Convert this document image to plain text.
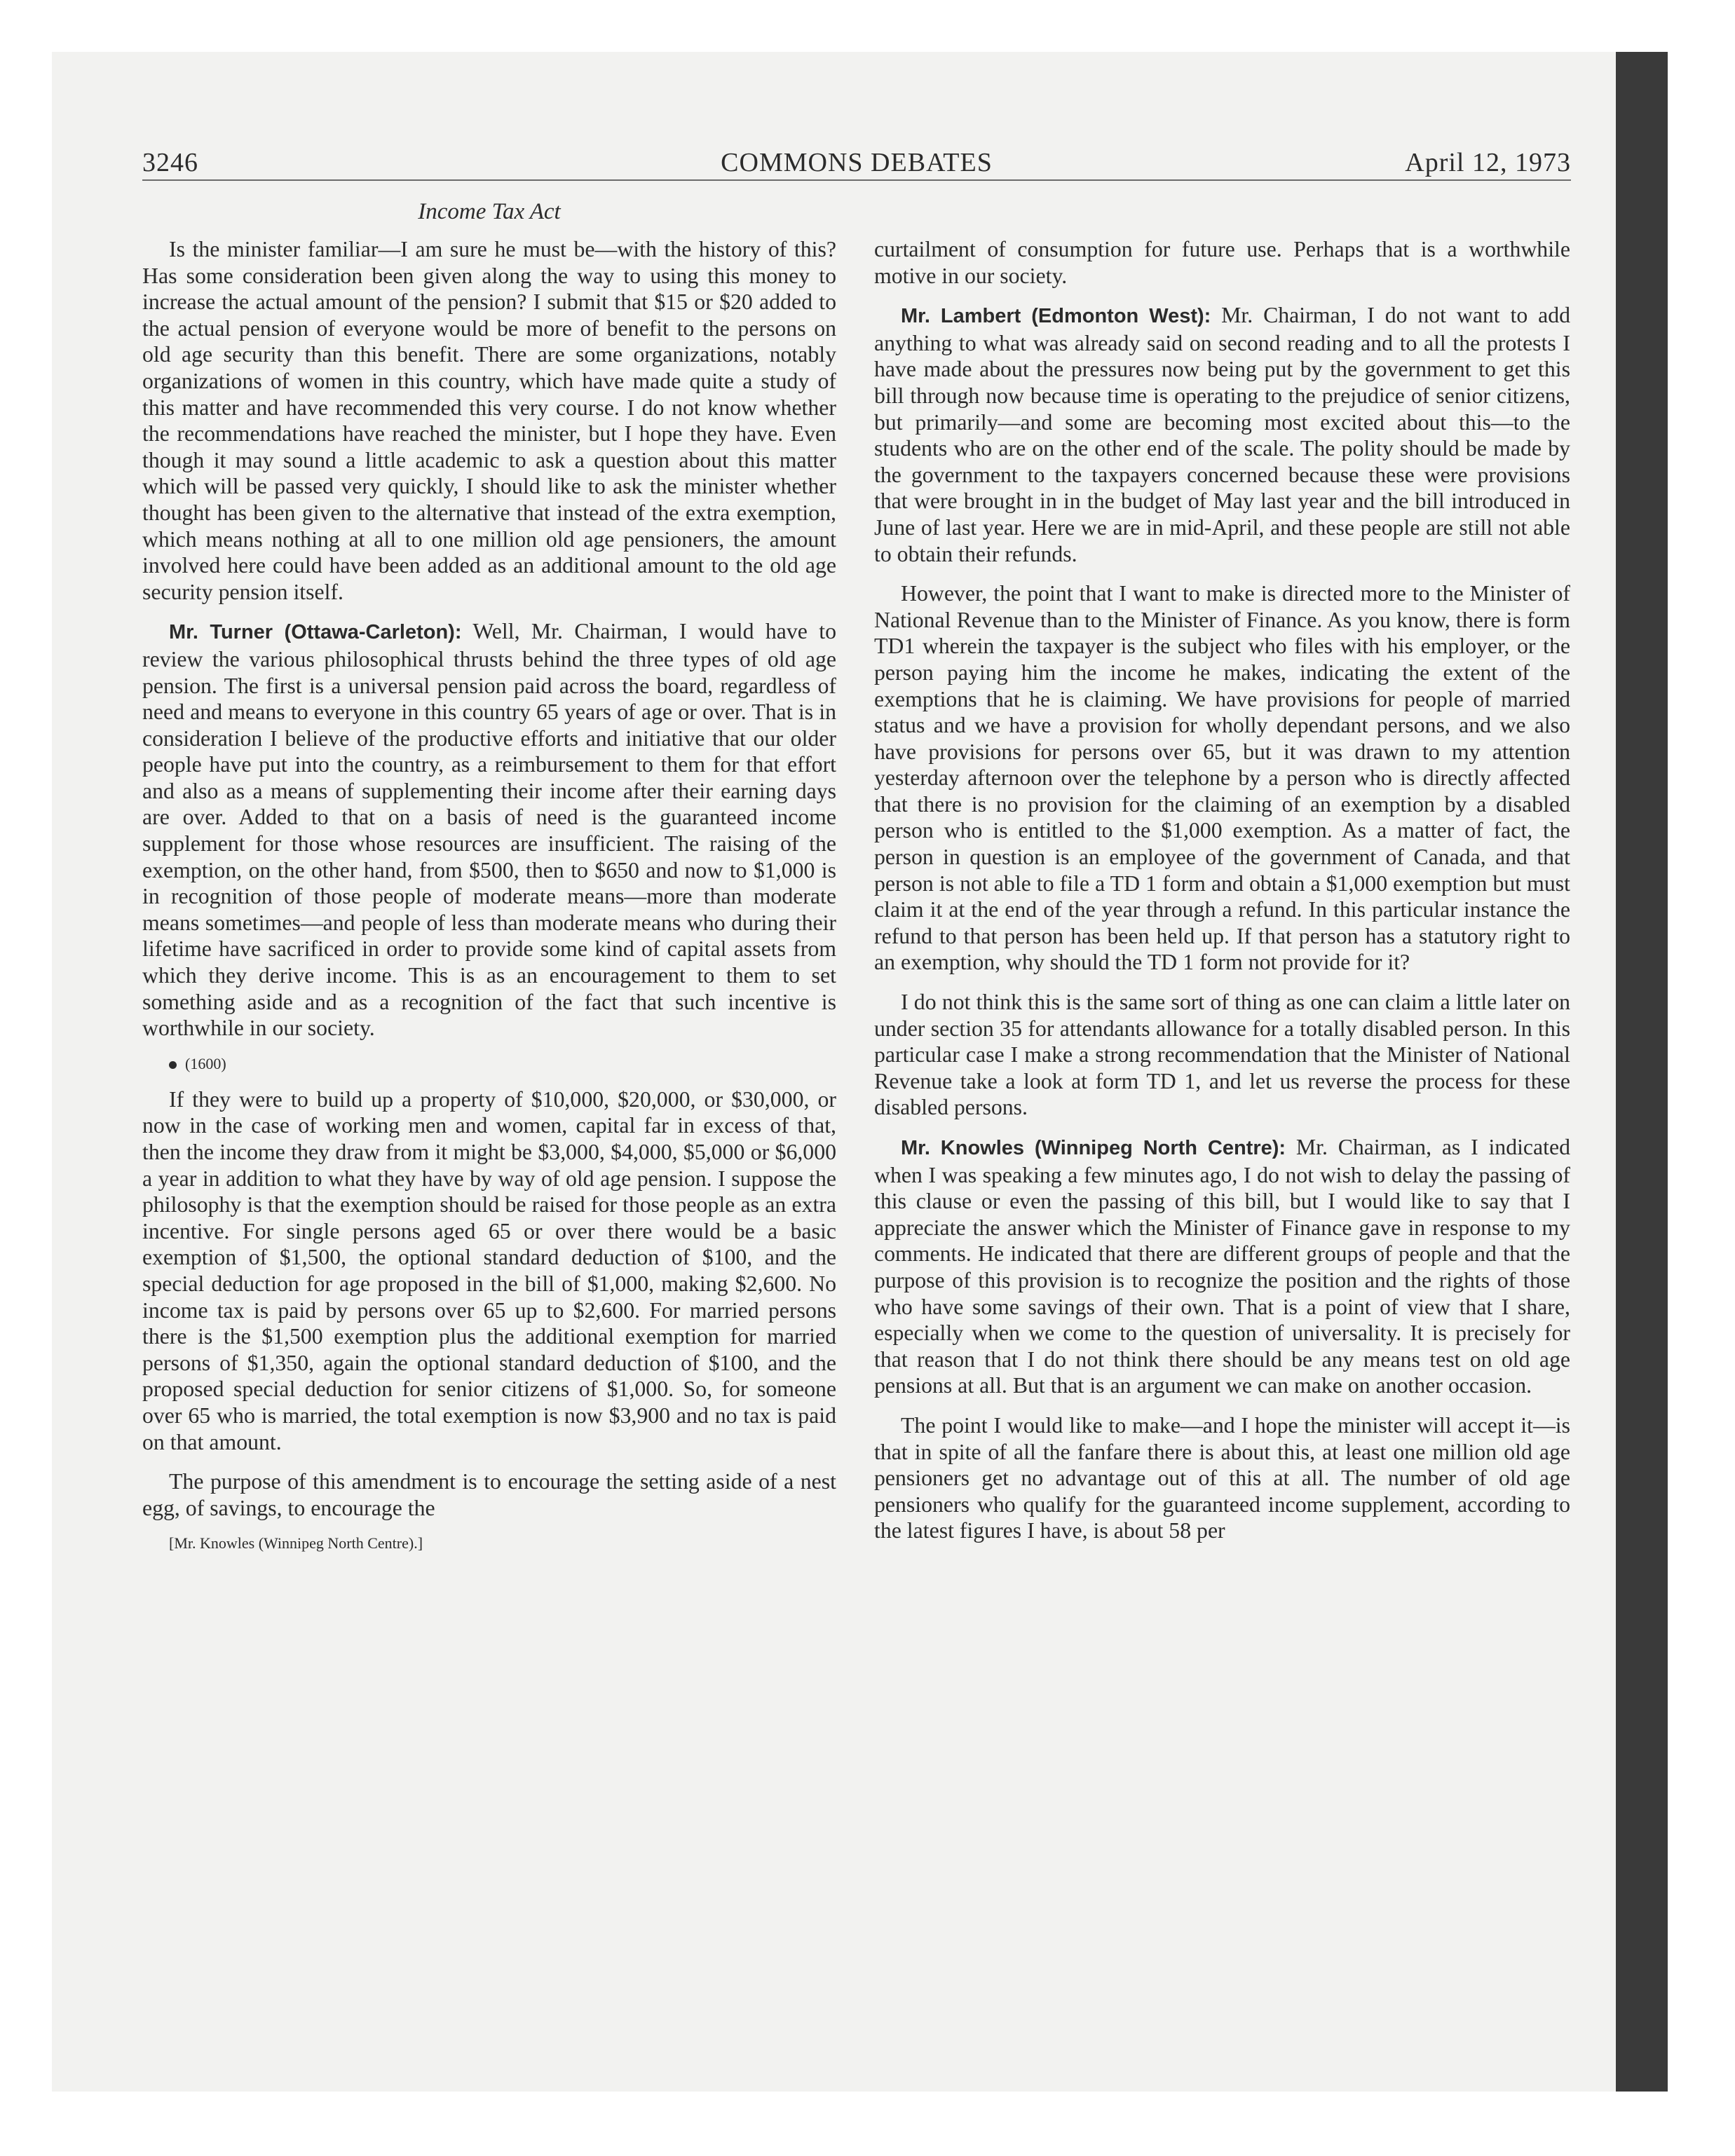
3246	COMMONS DEBATES	April 12, 1973
Income Tax Act

Is the minister familiar—I am sure he must be—with the history of this? Has some consideration been given along the way to using this money to increase the actual amount of the pension? I submit that $15 or $20 added to the actual pension of everyone would be more of benefit to the persons on old age security than this benefit. There are some organizations, notably organizations of women in this country, which have made quite a study of this matter and have recommended this very course. I do not know whether the recommendations have reached the minister, but I hope they have. Even though it may sound a little academic to ask a question about this matter which will be passed very quickly, I should like to ask the minister whether thought has been given to the alternative that instead of the extra exemption, which means nothing at all to one million old age pensioners, the amount involved here could have been added as an additional amount to the old age security pension itself.

Mr. Turner (Ottawa-Carleton): Well, Mr. Chairman, I would have to review the various philosophical thrusts behind the three types of old age pension. The first is a universal pension paid across the board, regardless of need and means to everyone in this country 65 years of age or over. That is in consideration I believe of the productive efforts and initiative that our older people have put into the country, as a reimbursement to them for that effort and also as a means of supplementing their income after their earning days are over. Added to that on a basis of need is the guaranteed income supplement for those whose resources are insufficient. The raising of the exemption, on the other hand, from $500, then to $650 and now to $1,000 is in recognition of those people of moderate means—more than moderate means sometimes—and people of less than moderate means who during their lifetime have sacrificed in order to provide some kind of capital assets from which they derive income. This is as an encouragement to them to set something aside and as a recognition of the fact that such incentive is worthwhile in our society.

(1600)

If they were to build up a property of $10,000, $20,000, or $30,000, or now in the case of working men and women, capital far in excess of that, then the income they draw from it might be $3,000, $4,000, $5,000 or $6,000 a year in addition to what they have by way of old age pension. I suppose the philosophy is that the exemption should be raised for those people as an extra incentive. For single persons aged 65 or over there would be a basic exemption of $1,500, the optional standard deduction of $100, and the special deduction for age proposed in the bill of $1,000, making $2,600. No income tax is paid by persons over 65 up to $2,600. For married persons there is the $1,500 exemption plus the additional exemption for married persons of $1,350, again the optional standard deduction of $100, and the proposed special deduction for senior citizens of $1,000. So, for someone over 65 who is married, the total exemption is now $3,900 and no tax is paid on that amount.

The purpose of this amendment is to encourage the setting aside of a nest egg, of savings, to encourage the

[Mr. Knowles (Winnipeg North Centre).]

curtailment of consumption for future use. Perhaps that is a worthwhile motive in our society.

Mr. Lambert (Edmonton West): Mr. Chairman, I do not want to add anything to what was already said on second reading and to all the protests I have made about the pressures now being put by the government to get this bill through now because time is operating to the prejudice of senior citizens, but primarily—and some are becoming most excited about this—to the students who are on the other end of the scale. The polity should be made by the government to the taxpayers concerned because these were provisions that were brought in in the budget of May last year and the bill introduced in June of last year. Here we are in mid-April, and these people are still not able to obtain their refunds.

However, the point that I want to make is directed more to the Minister of National Revenue than to the Minister of Finance. As you know, there is form TD1 wherein the taxpayer is the subject who files with his employer, or the person paying him the income he makes, indicating the extent of the exemptions that he is claiming. We have provisions for people of married status and we have a provision for wholly dependant persons, and we also have provisions for persons over 65, but it was drawn to my attention yesterday afternoon over the telephone by a person who is directly affected that there is no provision for the claiming of an exemption by a disabled person who is entitled to the $1,000 exemption. As a matter of fact, the person in question is an employee of the government of Canada, and that person is not able to file a TD 1 form and obtain a $1,000 exemption but must claim it at the end of the year through a refund. In this particular instance the refund to that person has been held up. If that person has a statutory right to an exemption, why should the TD 1 form not provide for it?

I do not think this is the same sort of thing as one can claim a little later on under section 35 for attendants allowance for a totally disabled person. In this particular case I make a strong recommendation that the Minister of National Revenue take a look at form TD 1, and let us reverse the process for these disabled persons.

Mr. Knowles (Winnipeg North Centre): Mr. Chairman, as I indicated when I was speaking a few minutes ago, I do not wish to delay the passing of this clause or even the passing of this bill, but I would like to say that I appreciate the answer which the Minister of Finance gave in response to my comments. He indicated that there are different groups of people and that the purpose of this provision is to recognize the position and the rights of those who have some savings of their own. That is a point of view that I share, especially when we come to the question of universality. It is precisely for that reason that I do not think there should be any means test on old age pensions at all. But that is an argument we can make on another occasion.

The point I would like to make—and I hope the minister will accept it—is that in spite of all the fanfare there is about this, at least one million old age pensioners get no advantage out of this at all. The number of old age pensioners who qualify for the guaranteed income supplement, according to the latest figures I have, is about 58 per
